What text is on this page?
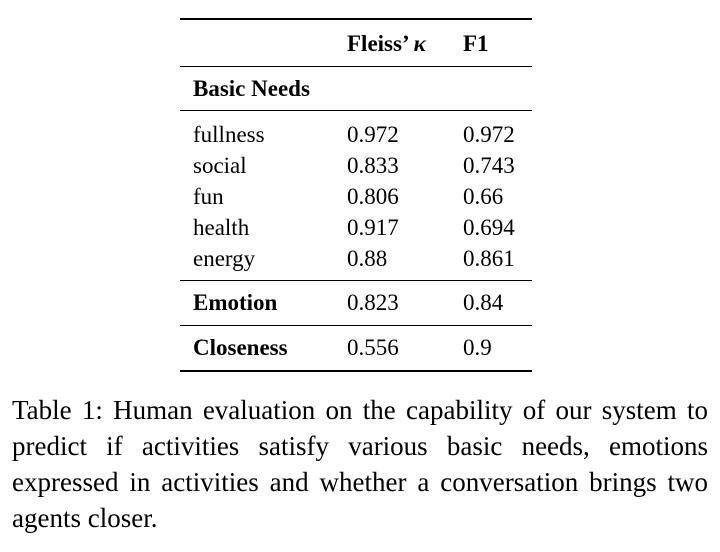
	Fleiss’ κ	F1
Basic Needs		
fullness	0.972	0.972
social	0.833	0.743
fun	0.806	0.66
health	0.917	0.694
energy	0.88	0.861
Emotion	0.823	0.84
Closeness	0.556	0.9
Table 1: Human evaluation on the capability of our system to predict if activities satisfy various basic needs, emotions expressed in activities and whether a conversation brings two agents closer.
